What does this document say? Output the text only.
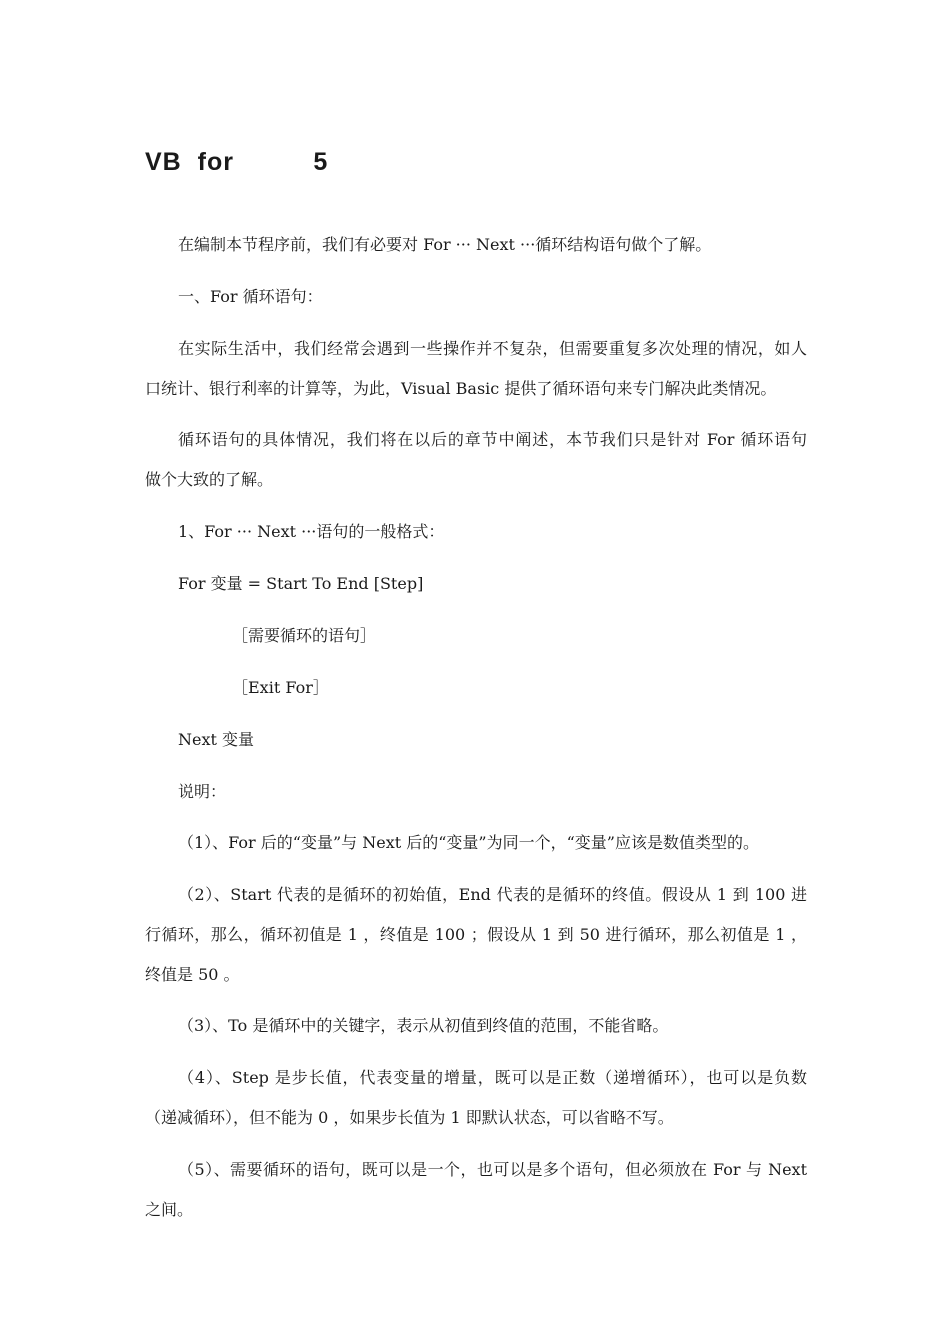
VB  for          5
在编制本节程序前，我们有必要对 For ··· Next ···循环结构语句做个了解。
一、For 循环语句：
在实际生活中，我们经常会遇到一些操作并不复杂，但需要重复多次处理的情况，如人
口统计、银行利率的计算等，为此，Visual Basic 提供了循环语句来专门解决此类情况。
循环语句的具体情况，我们将在以后的章节中阐述，本节我们只是针对 For 循环语句
做个大致的了解。
1、For ··· Next ···语句的一般格式：
For 变量 = Start To End [Step]
［需要循环的语句］
［Exit For］
Next 变量
说明：
（1）、For 后的“变量”与 Next 后的“变量”为同一个，“变量”应该是数值类型的。
（2）、Start 代表的是循环的初始值，End 代表的是循环的终值。假设从 1 到 100 进
行循环，那么，循环初值是 1 ，终值是 100 ；假设从 1 到 50 进行循环，那么初值是 1 ，
终值是 50 。
（3）、To 是循环中的关键字，表示从初值到终值的范围，不能省略。
（4）、Step 是步长值，代表变量的增量，既可以是正数（递增循环），也可以是负数
（递减循环），但不能为 0 ，如果步长值为 1 即默认状态，可以省略不写。
（5）、需要循环的语句，既可以是一个，也可以是多个语句，但必须放在 For 与 Next
之间。
